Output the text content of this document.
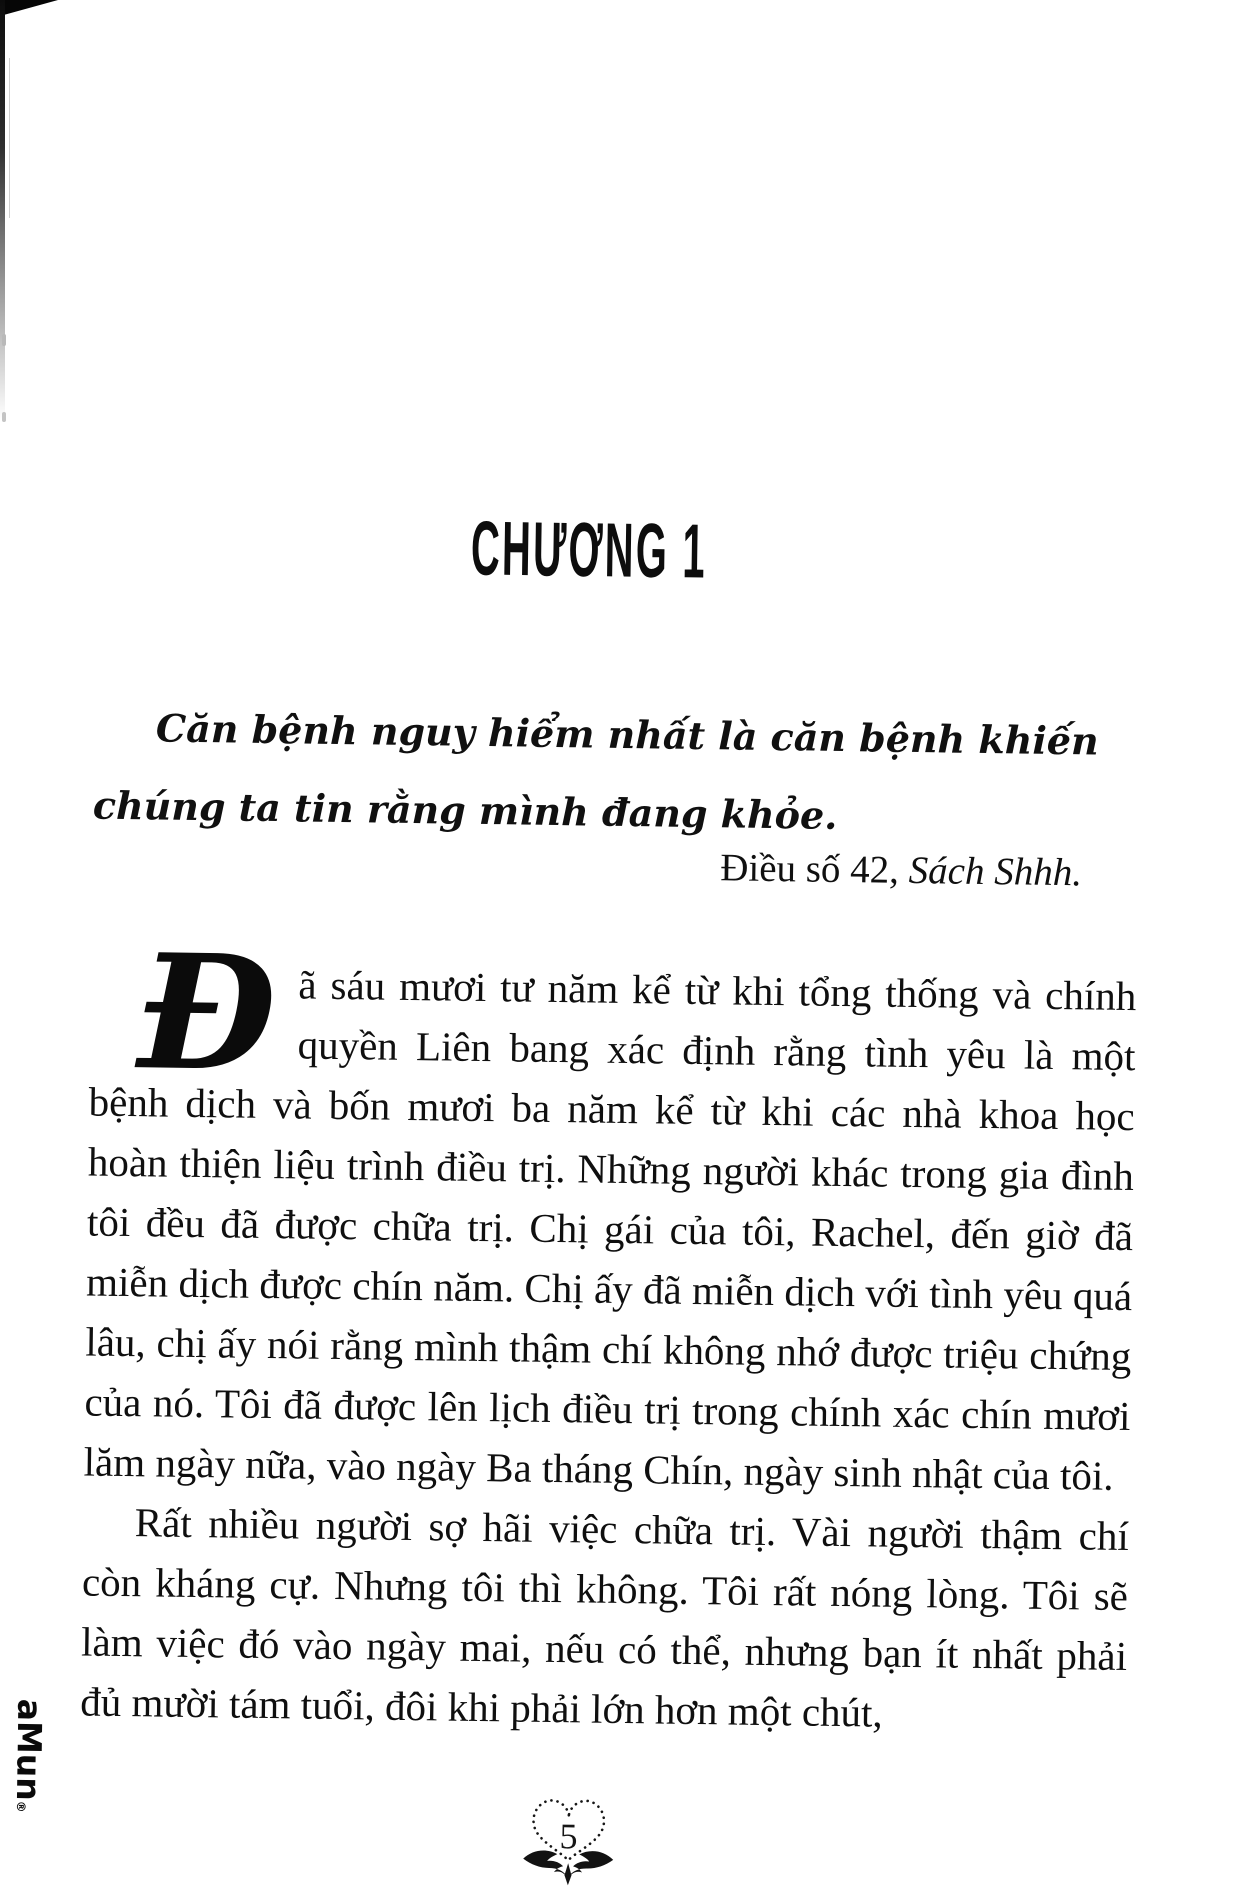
CHƯƠNG 1
Căn bệnh nguy hiểm nhất là căn bệnh khiến chúng ta tin rằng mình đang khỏe.
Điều số 42, Sách Shhh.

Đã sáu mươi tư năm kể từ khi tổng thống và chính quyền Liên bang xác định rằng tình yêu là một bệnh dịch và bốn mươi ba năm kể từ khi các nhà khoa học hoàn thiện liệu trình điều trị. Những người khác trong gia đình tôi đều đã được chữa trị. Chị gái của tôi, Rachel, đến giờ đã miễn dịch được chín năm. Chị ấy đã miễn dịch với tình yêu quá lâu, chị ấy nói rằng mình thậm chí không nhớ được triệu chứng của nó. Tôi đã được lên lịch điều trị trong chính xác chín mươi lăm ngày nữa, vào ngày Ba tháng Chín, ngày sinh nhật của tôi.

Rất nhiều người sợ hãi việc chữa trị. Vài người thậm chí còn kháng cự. Nhưng tôi thì không. Tôi rất nóng lòng. Tôi sẽ làm việc đó vào ngày mai, nếu có thể, nhưng bạn ít nhất phải đủ mười tám tuổi, đôi khi phải lớn hơn một chút,

5
aMun®
